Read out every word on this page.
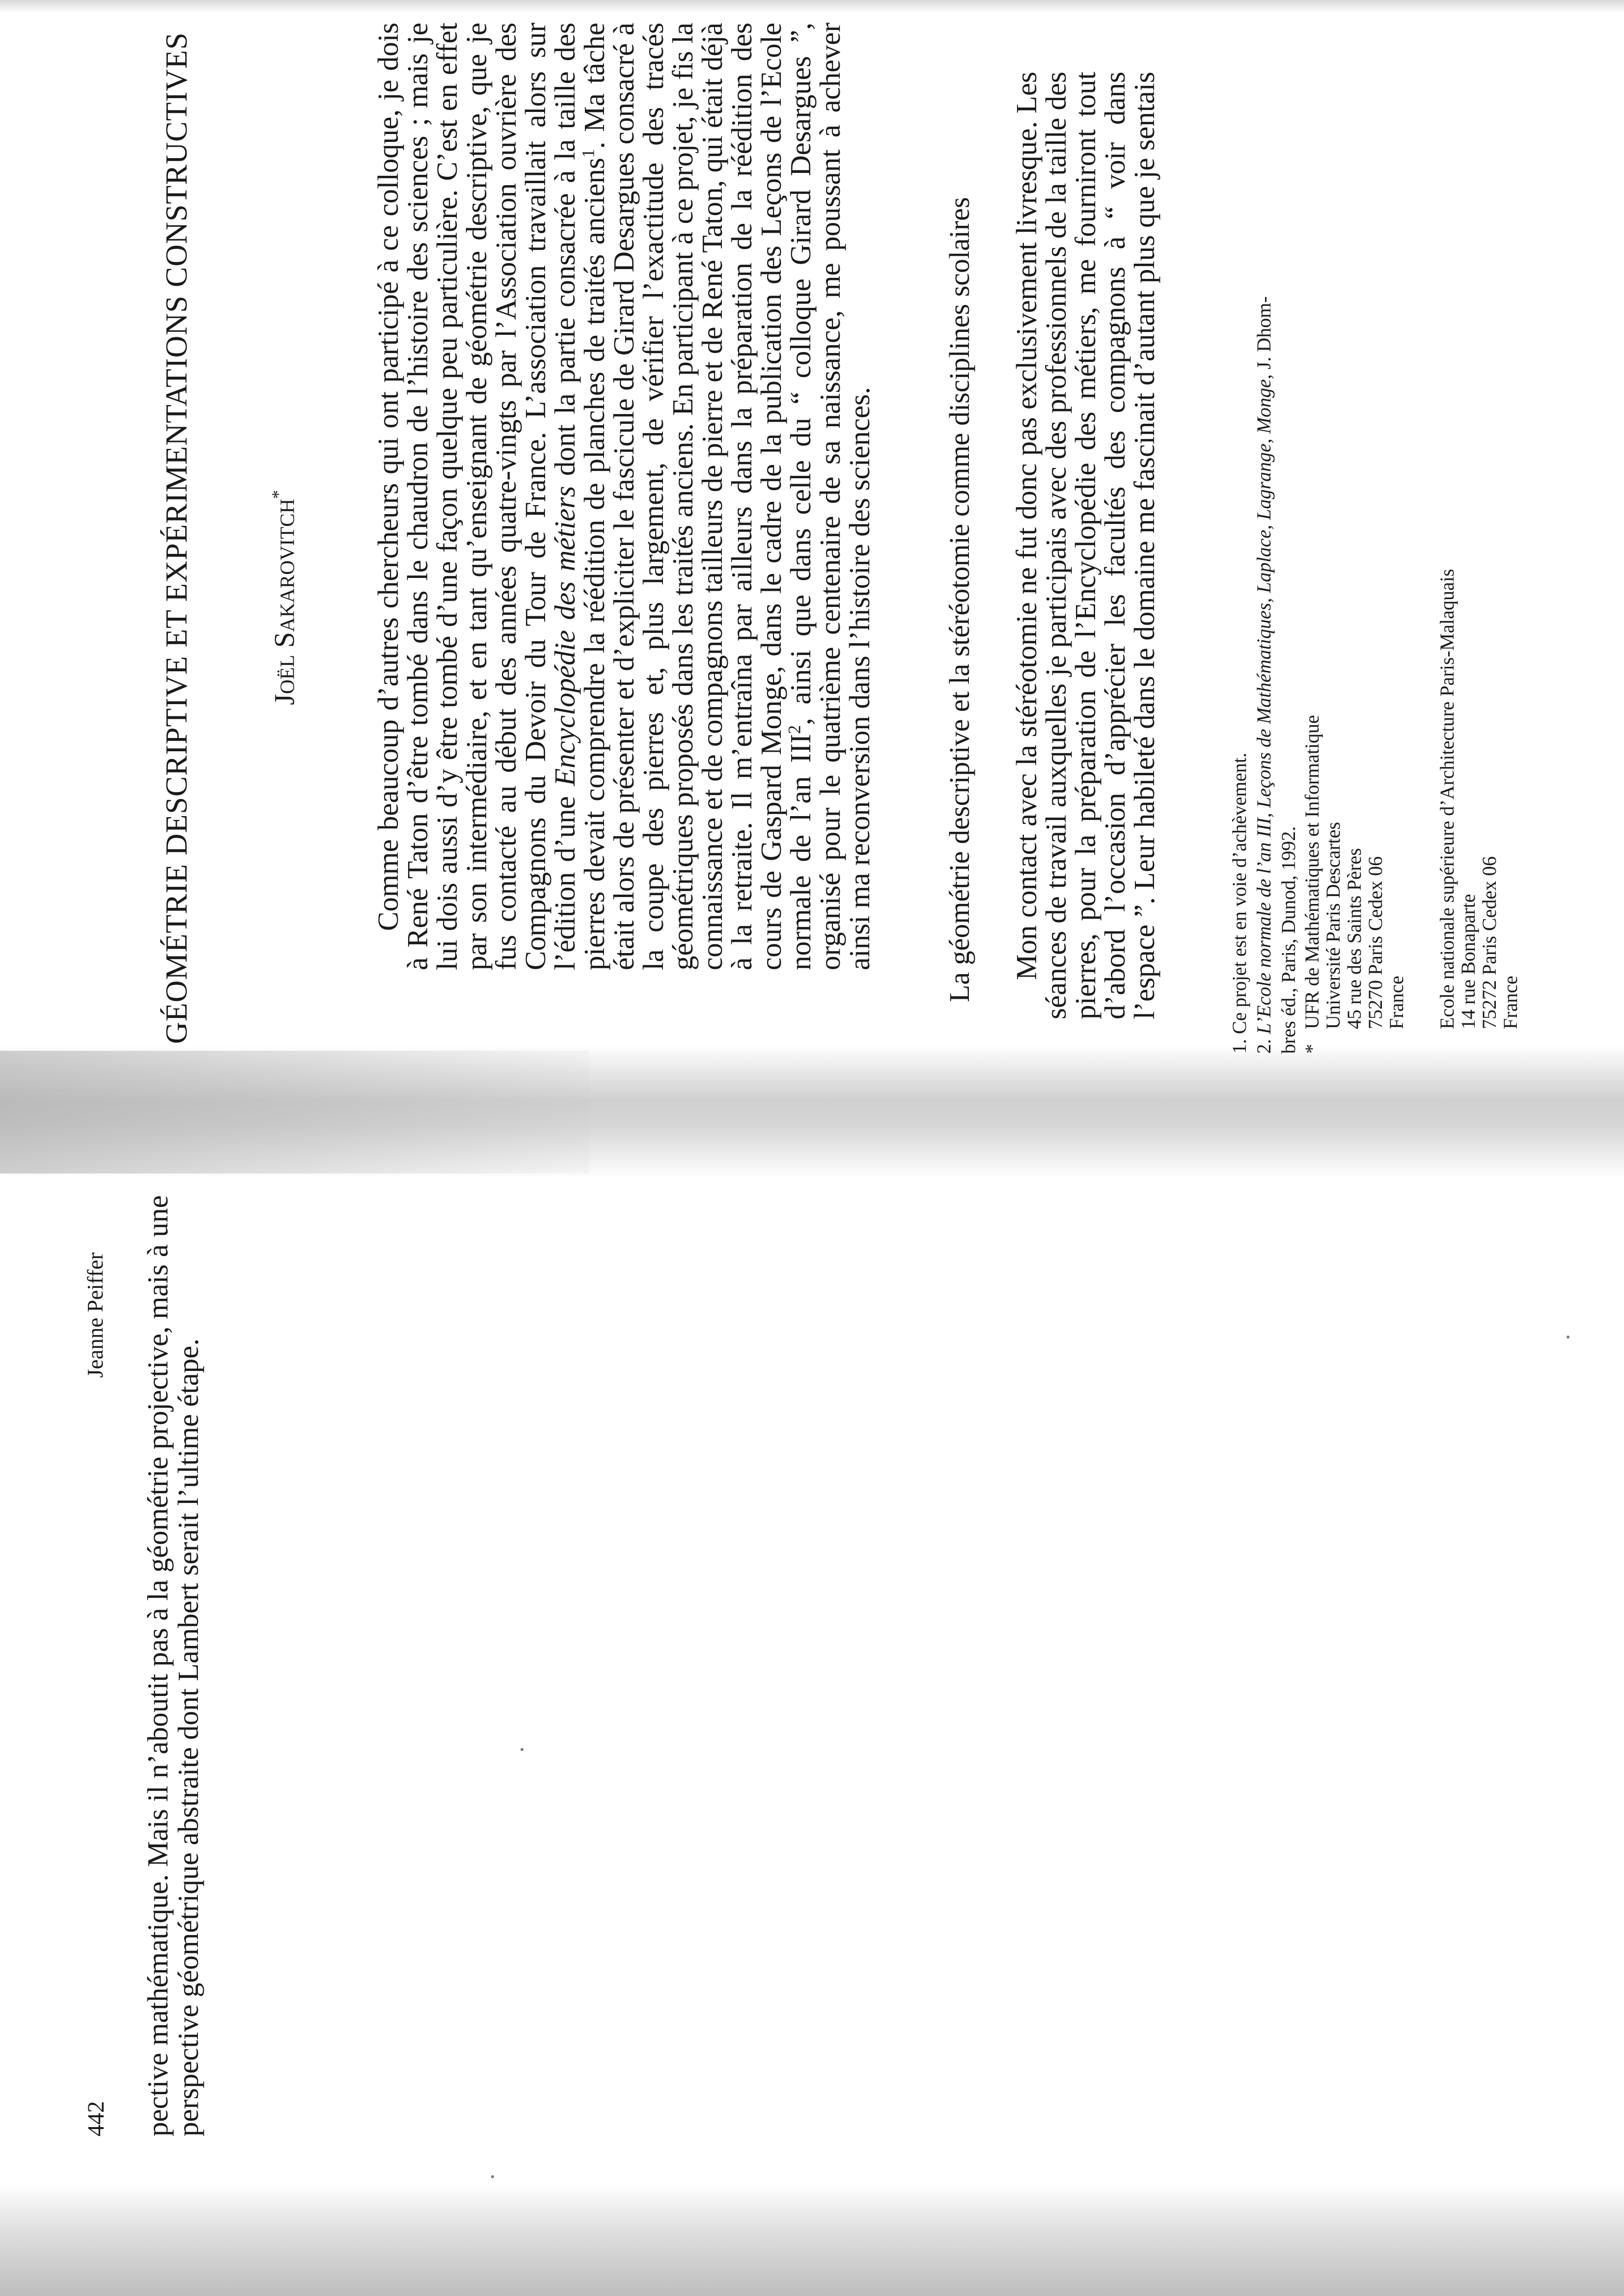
442
Jeanne Peiffer pective mathématique. Mais il n’aboutit pas à la géométrie projective, mais à une
perspective géométrique abstraite dont Lambert serait l’ultime étape.
GÉOMÉTRIE DESCRIPTIVE ET EXPÉRIMENTATIONS CONSTRUCTIVES	Joël Sakarovitch*	Comme beaucoup d’autres chercheurs qui ont participé à ce colloque, je dois à René Taton d’être tombé dans le chaudron de l’histoire des sciences ; mais je lui dois aussi d’y être tombé d’une façon quelque peu particulière. C’est en effet par son intermédiaire, et en tant qu’enseignant de géométrie descriptive, que je fus contacté au début des années quatre-vingts par l’Association ouvrière des Compagnons du Devoir du Tour de France. L’association travaillait alors sur l’édition d’une Encyclopédie des métiers dont la partie consacrée à la taille des pierres devait comprendre la réédition de planches de traités anciens$^1$. Ma tâche était alors de présenter et d’expliciter le fascicule de Girard Desargues consacré à la coupe des pierres et, plus largement, de vérifier l’exactitude des tracés géométriques proposés dans les traités anciens. En participant à ce projet, je fis la connaissance et de compagnons tailleurs de pierre et de René Taton, qui était déjà à la retraite. Il m’entraîna par ailleurs dans la préparation de la réédition des cours de Gaspard Monge, dans le cadre de la publication des Leçons de l’Ecole normale de l’an III$^2$, ainsi que dans celle du “ colloque Girard Desargues ”, organisé pour le quatrième centenaire de sa naissance, me poussant à achever ainsi ma reconversion dans l’histoire des sciences. La géométrie descriptive et la stéréotomie comme disciplines scolaires Mon contact avec la stéréotomie ne fut donc pas exclusivement livresque. Les séances de travail auxquelles je participais avec des professionnels de la taille des pierres, pour la préparation de l’Encyclopédie des métiers, me fourniront tout d’abord l’occasion d’apprécier les facultés des compagnons à “ voir dans l’espace ”. Leur habileté dans le domaine me fascinait d’autant plus que je sentais	1. Ce projet est en voie d’achèvement. 2. L’Ecole normale de l’an III, Leçons de Mathématiques, Laplace, Lagrange, Monge, J. Dhom-
bres éd., Paris, Dunod, 1992. *
UFR de Mathématiques et Informatique
Université Paris Descartes
45 rue des Saints Pères
75270 Paris Cedex 06
France Ecole nationale supérieure d’Architecture Paris-Malaquais
14 rue Bonaparte
75272 Paris Cedex 06
France
